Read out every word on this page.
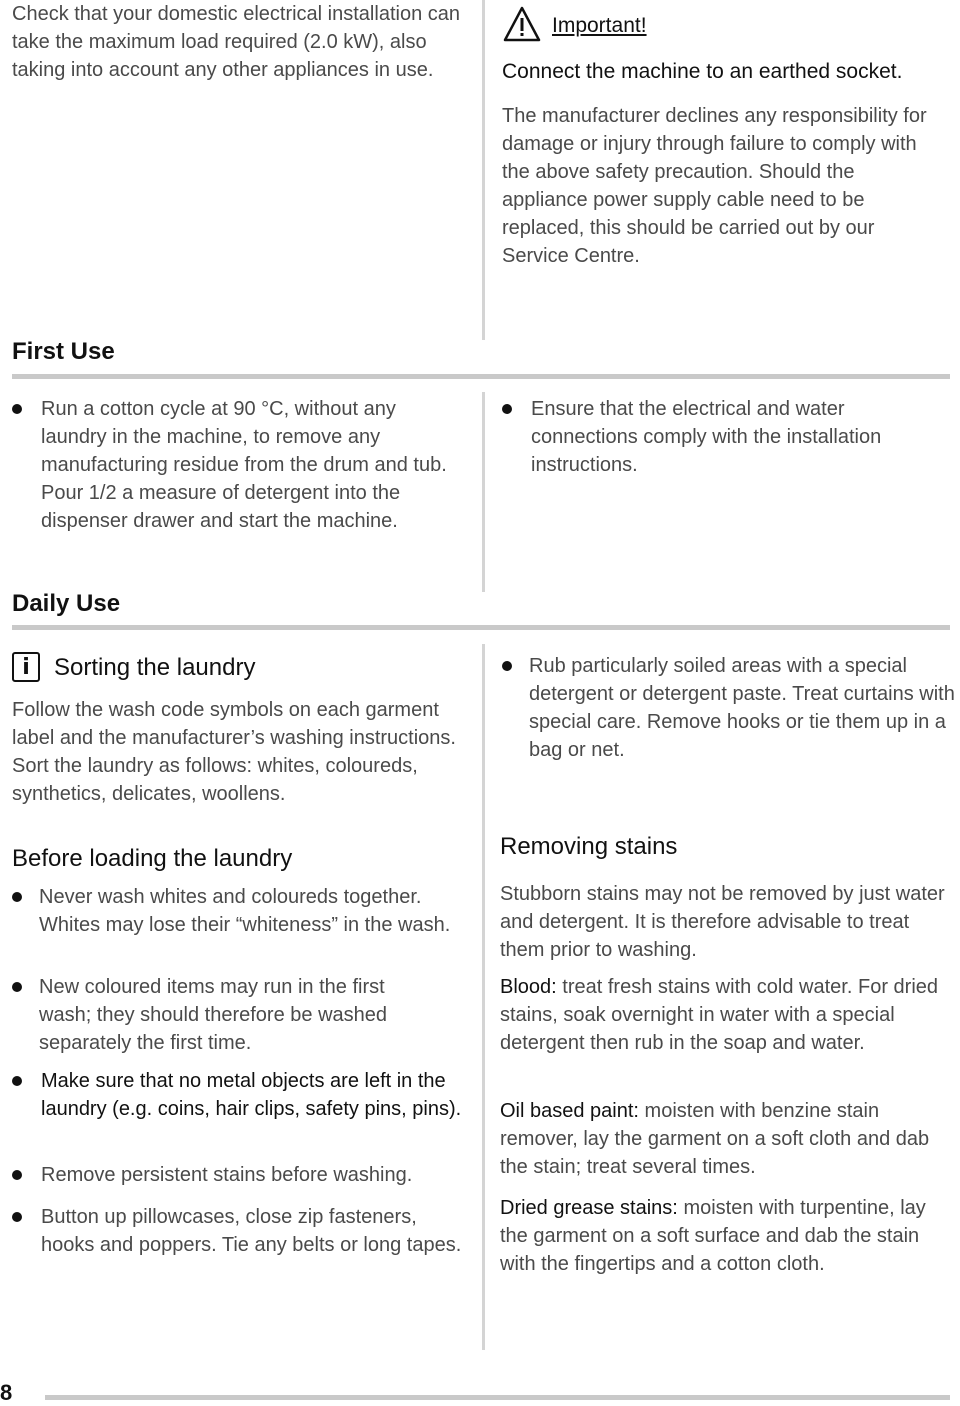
Check that your domestic electrical installation can take the maximum load required (2.0 kW), also taking into account any other appliances in use.
Important!
Connect the machine to an earthed socket.
The manufacturer declines any responsibility for damage or injury through failure to comply with the above safety precaution. Should the appliance power supply cable need to be replaced, this should be carried out by our Service Centre.
First Use
Run a cotton cycle at 90 °C, without any laundry in the machine, to remove any manufacturing residue from the drum and tub. Pour 1/2 a measure of detergent into the dispenser drawer and start the machine.
Ensure that the electrical and water connections comply with the installation instructions.
Daily Use
i	Sorting the laundry
Follow the wash code symbols on each garment label and the manufacturer’s washing instructions. Sort the laundry as follows: whites, coloureds, synthetics, delicates, woollens.
Before loading the laundry
Never wash whites and coloureds together. Whites may lose their “whiteness” in the wash.
New coloured items may run in the first wash; they should therefore be washed separately the first time.
Make sure that no metal objects are left in the laundry (e.g. coins, hair clips, safety pins, pins).
Remove persistent stains before washing.
Button up pillowcases, close zip fasteners, hooks and poppers. Tie any belts or long tapes.
Rub particularly soiled areas with a special detergent or detergent paste. Treat curtains with special care. Remove hooks or tie them up in a bag or net.
Removing stains
Stubborn stains may not be removed by just water and detergent. It is therefore advisable to treat them prior to washing.
Blood: treat fresh stains with cold water. For dried stains, soak overnight in water with a special detergent then rub in the soap and water.
Oil based paint: moisten with benzine stain remover, lay the garment on a soft cloth and dab the stain; treat several times.
Dried grease stains: moisten with turpentine, lay the garment on a soft surface and dab the stain with the fingertips and a cotton cloth.
8
